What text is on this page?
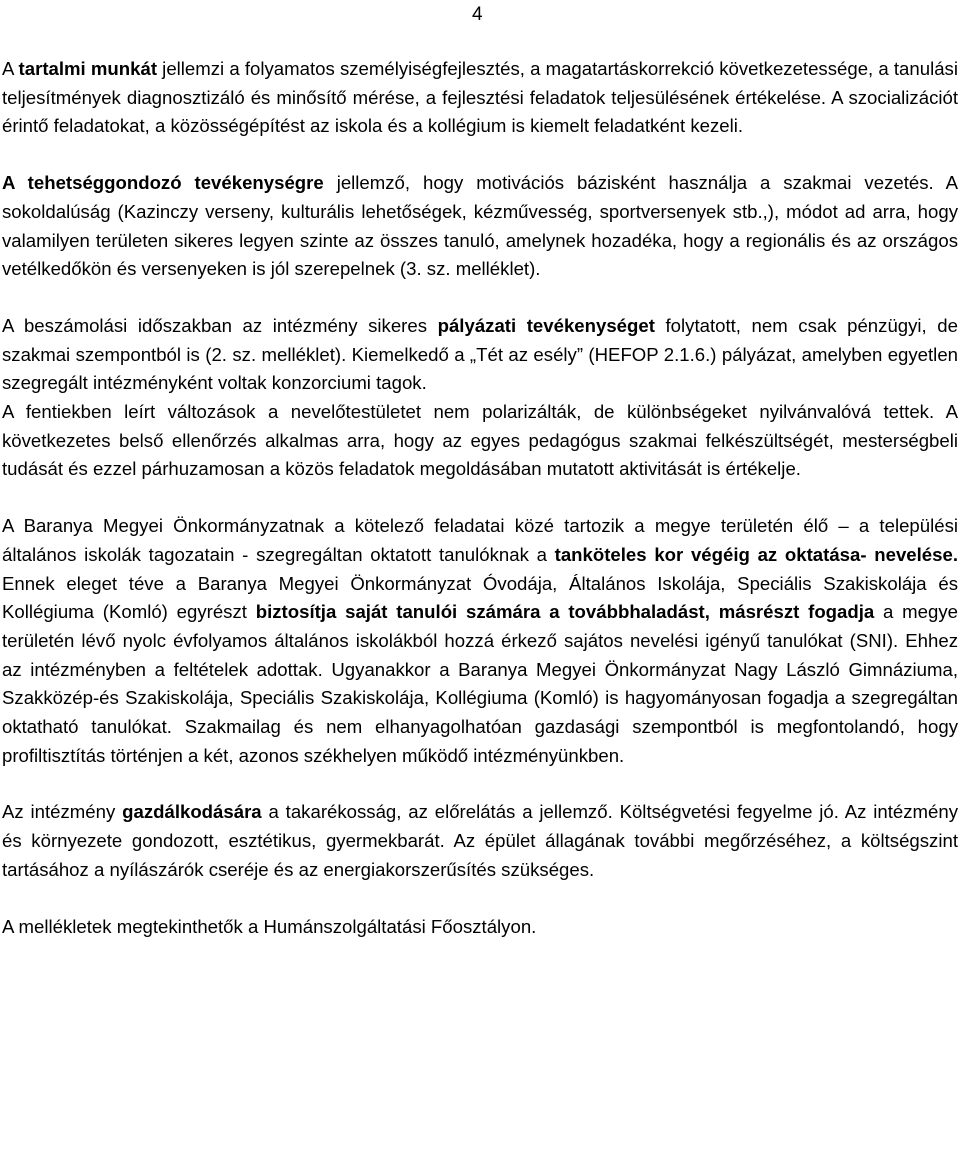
4

A tartalmi munkát jellemzi a folyamatos személyiségfejlesztés, a magatartáskorrekció következetessége, a tanulási teljesítmények diagnosztizáló és minősítő mérése, a fejlesztési feladatok teljesülésének értékelése. A szocializációt érintő feladatokat, a közösségépítést az iskola és a kollégium is kiemelt feladatként kezeli.

A tehetséggondozó tevékenységre jellemző, hogy motivációs bázisként használja a szakmai vezetés. A sokoldalúság (Kazinczy verseny, kulturális lehetőségek, kézművesség, sportversenyek stb.,), módot ad arra, hogy valamilyen területen sikeres legyen szinte az összes tanuló, amelynek hozadéka, hogy a regionális és az országos vetélkedőkön és versenyeken is jól szerepelnek (3. sz. melléklet).

A beszámolási időszakban az intézmény sikeres pályázati tevékenységet folytatott, nem csak pénzügyi, de szakmai szempontból is (2. sz. melléklet). Kiemelkedő a „Tét az esély” (HEFOP 2.1.6.) pályázat, amelyben egyetlen szegregált intézményként voltak konzorciumi tagok.

A fentiekben leírt változások a nevelőtestületet nem polarizálták, de különbségeket nyilvánvalóvá tettek. A következetes belső ellenőrzés alkalmas arra, hogy az egyes pedagógus szakmai felkészültségét, mesterségbeli tudását és ezzel párhuzamosan a közös feladatok megoldásában mutatott aktivitását is értékelje.

A Baranya Megyei Önkormányzatnak a kötelező feladatai közé tartozik a megye területén élő – a települési általános iskolák tagozatain - szegregáltan oktatott tanulóknak a tanköteles kor végéig az oktatása- nevelése. Ennek eleget téve a Baranya Megyei Önkormányzat Óvodája, Általános Iskolája, Speciális Szakiskolája és Kollégiuma (Komló) egyrészt biztosítja saját tanulói számára a továbbhaladást, másrészt fogadja a megye területén lévő nyolc évfolyamos általános iskolákból hozzá érkező sajátos nevelési igényű tanulókat (SNI). Ehhez az intézményben a feltételek adottak. Ugyanakkor a Baranya Megyei Önkormányzat Nagy László Gimnáziuma, Szakközép-és Szakiskolája, Speciális Szakiskolája, Kollégiuma (Komló) is hagyományosan fogadja a szegregáltan oktatható tanulókat. Szakmailag és nem elhanyagolhatóan gazdasági szempontból is megfontolandó, hogy profiltisztítás történjen a két, azonos székhelyen működő intézményünkben.

Az intézmény gazdálkodására a takarékosság, az előrelátás a jellemző. Költségvetési fegyelme jó. Az intézmény és környezete gondozott, esztétikus, gyermekbarát. Az épület állagának további megőrzéséhez, a költségszint tartásához a nyílászárók cseréje és az energiakorszerűsítés szükséges.

A mellékletek megtekinthetők a Humánszolgáltatási Főosztályon.
